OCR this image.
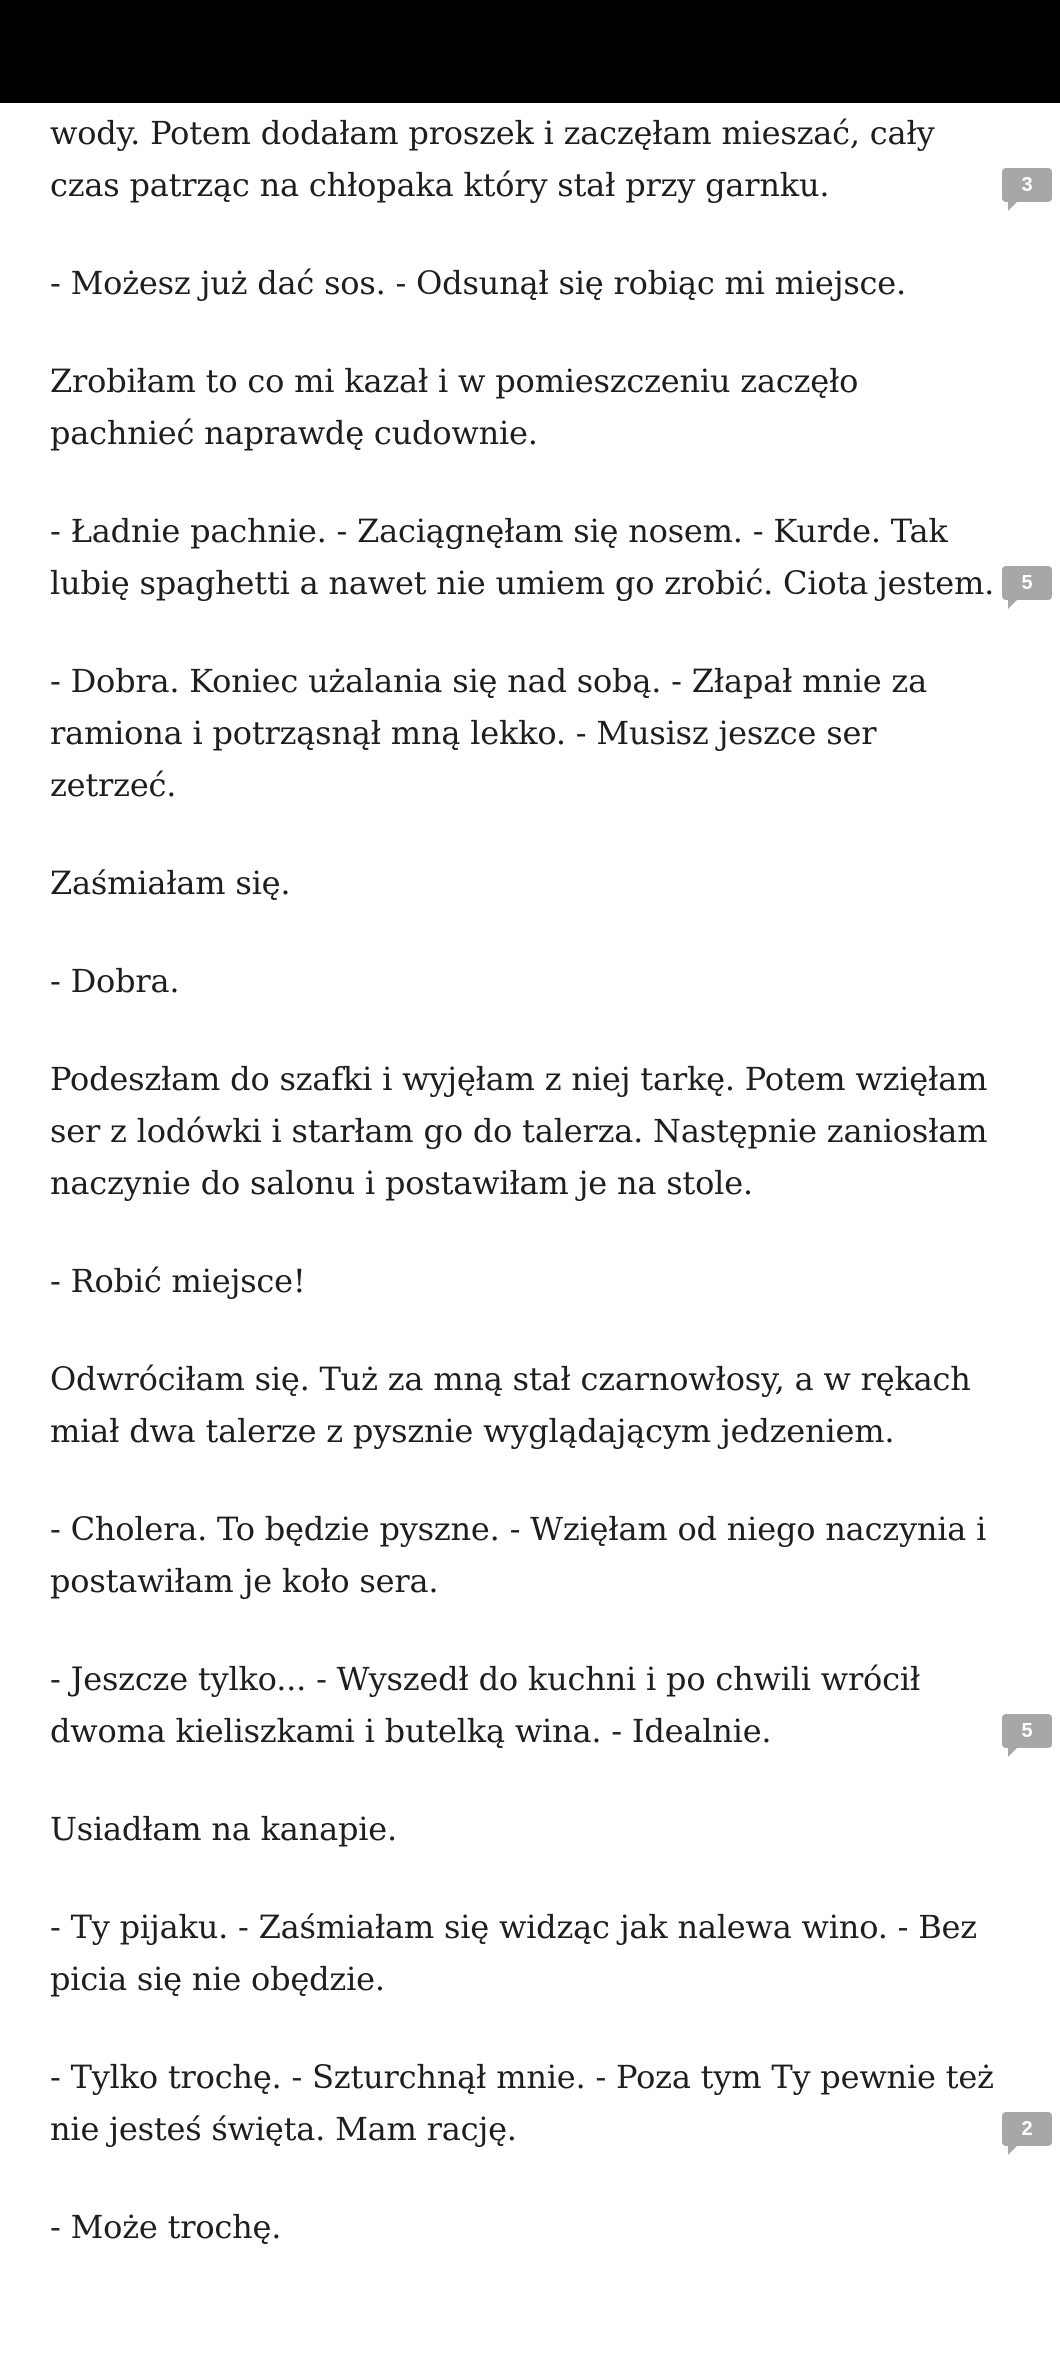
wody. Potem dodałam proszek i zaczęłam mieszać, cały
czas patrząc na chłopaka który stał przy garnku.	3
- Możesz już dać sos. - Odsunął się robiąc mi miejsce.
Zrobiłam to co mi kazał i w pomieszczeniu zaczęło
pachnieć naprawdę cudownie.
- Ładnie pachnie. - Zaciągnęłam się nosem. - Kurde. Tak
lubię spaghetti a nawet nie umiem go zrobić. Ciota jestem.	5
- Dobra. Koniec użalania się nad sobą. - Złapał mnie za
ramiona i potrząsnął mną lekko. - Musisz jeszce ser
zetrzeć.
Zaśmiałam się.
- Dobra.
Podeszłam do szafki i wyjęłam z niej tarkę. Potem wzięłam
ser z lodówki i starłam go do talerza. Następnie zaniosłam
naczynie do salonu i postawiłam je na stole.
- Robić miejsce!
Odwróciłam się. Tuż za mną stał czarnowłosy, a w rękach
miał dwa talerze z pysznie wyglądającym jedzeniem.
- Cholera. To będzie pyszne. - Wzięłam od niego naczynia i
postawiłam je koło sera.
- Jeszcze tylko... - Wyszedł do kuchni i po chwili wrócił
dwoma kieliszkami i butelką wina. - Idealnie.	5
Usiadłam na kanapie.
- Ty pijaku. - Zaśmiałam się widząc jak nalewa wino. - Bez
picia się nie obędzie.
- Tylko trochę. - Szturchnął mnie. - Poza tym Ty pewnie też
nie jesteś święta. Mam rację.	2
- Może trochę.
